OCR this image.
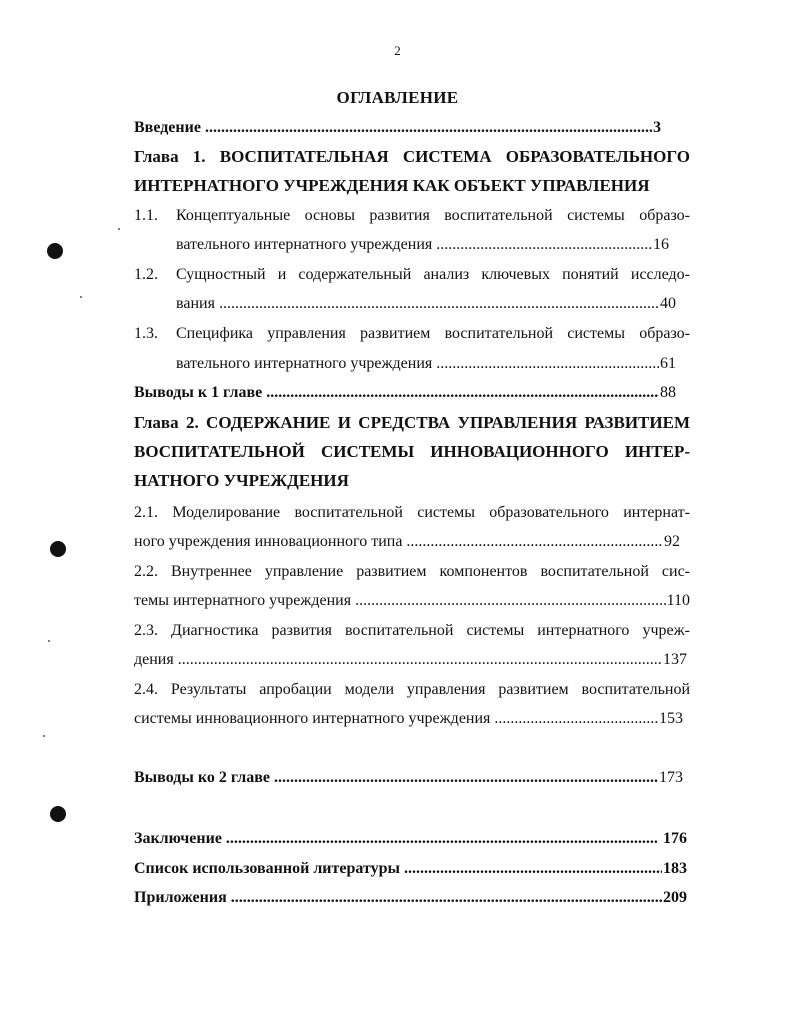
2
ОГЛАВЛЕНИЕ
Введение .....	3
Глава 1. ВОСПИТАТЕЛЬНАЯ СИСТЕМА ОБРАЗОВАТЕЛЬНОГО
ИНТЕРНАТНОГО УЧРЕЖДЕНИЯ КАК ОБЪЕКТ УПРАВЛЕНИЯ
1.1. Концептуальные основы развития воспитательной системы образо-
вательного интернатного учреждения .....	16
1.2. Сущностный и содержательный анализ ключевых понятий исследо-
вания .....	40
1.3. Специфика управления развитием воспитательной системы образо-
вательного интернатного учреждения .....	61
Выводы к 1 главе .....	88
Глава 2. СОДЕРЖАНИЕ И СРЕДСТВА УПРАВЛЕНИЯ РАЗВИТИЕМ
ВОСПИТАТЕЛЬНОЙ СИСТЕМЫ ИННОВАЦИОННОГО ИНТЕР-
НАТНОГО УЧРЕЖДЕНИЯ
2.1. Моделирование воспитательной системы образовательного интернат-
ного учреждения инновационного типа .....	92
2.2. Внутреннее управление развитием компонентов воспитательной сис-
темы интернатного учреждения .....	110
2.3. Диагностика развития воспитательной системы интернатного учреж-
дения .....	137
2.4. Результаты апробации модели управления развитием воспитательной
системы инновационного интернатного учреждения .....	153
Выводы ко 2 главе .....	173
Заключение .....	176
Список использованной литературы .....	183
Приложения .....	209
